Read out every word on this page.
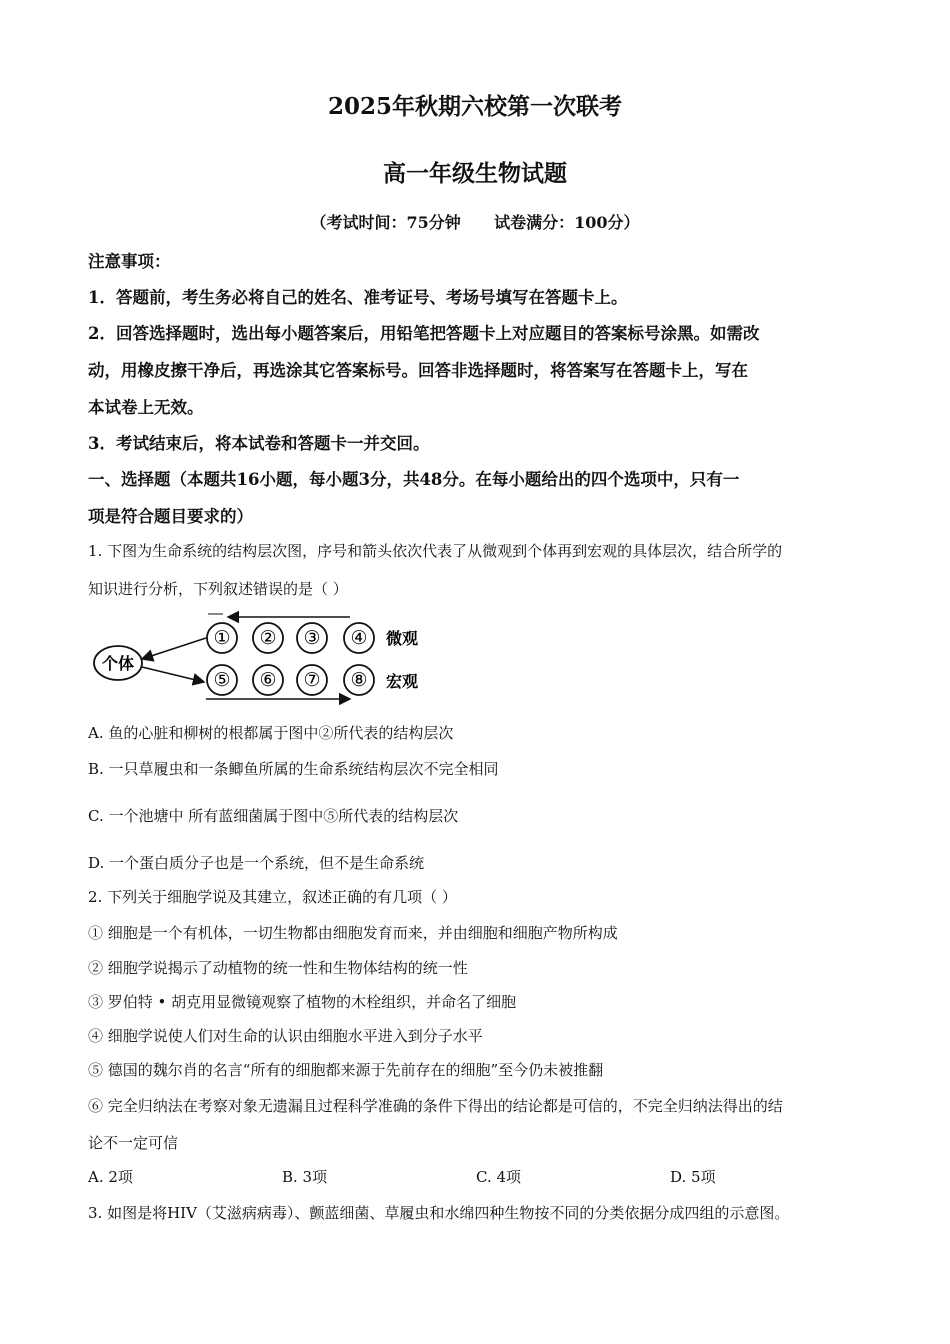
2025年秋期六校第一次联考
高一年级生物试题
（考试时间：75分钟      试卷满分：100分）
注意事项：
1．答题前，考生务必将自己的姓名、准考证号、考场号填写在答题卡上。
2．回答选择题时，选出每小题答案后，用铅笔把答题卡上对应题目的答案标号涂黑。如需改
动，用橡皮擦干净后，再选涂其它答案标号。回答非选择题时，将答案写在答题卡上，写在
本试卷上无效。
3．考试结束后，将本试卷和答题卡一并交回。
一、选择题（本题共16小题，每小题3分，共48分。在每小题给出的四个选项中，只有一
项是符合题目要求的）
1. 下图为生命系统的结构层次图，序号和箭头依次代表了从微观到个体再到宏观的具体层次，结合所学的
知识进行分析，下列叙述错误的是（ ）
个体
① ② ③ ④ 微观
⑤ ⑥ ⑦ ⑧ 宏观
A. 鱼的心脏和柳树的根都属于图中②所代表的结构层次
B. 一只草履虫和一条鲫鱼所属的生命系统结构层次不完全相同
C. 一个池塘中 所有蓝细菌属于图中⑤所代表的结构层次
D. 一个蛋白质分子也是一个系统，但不是生命系统
2. 下列关于细胞学说及其建立，叙述正确的有几项（ ）
① 细胞是一个有机体，一切生物都由细胞发育而来，并由细胞和细胞产物所构成
② 细胞学说揭示了动植物的统一性和生物体结构的统一性
③ 罗伯特 • 胡克用显微镜观察了植物的木栓组织，并命名了细胞
④ 细胞学说使人们对生命的认识由细胞水平进入到分子水平
⑤ 德国的魏尔肖的名言“所有的细胞都来源于先前存在的细胞”至今仍未被推翻
⑥ 完全归纳法在考察对象无遗漏且过程科学准确的条件下得出的结论都是可信的，不完全归纳法得出的结
论不一定可信
A. 2项	B. 3项	C. 4项	D. 5项
3. 如图是将HIV（艾滋病病毒）、颤蓝细菌、草履虫和水绵四种生物按不同的分类依据分成四组的示意图。
